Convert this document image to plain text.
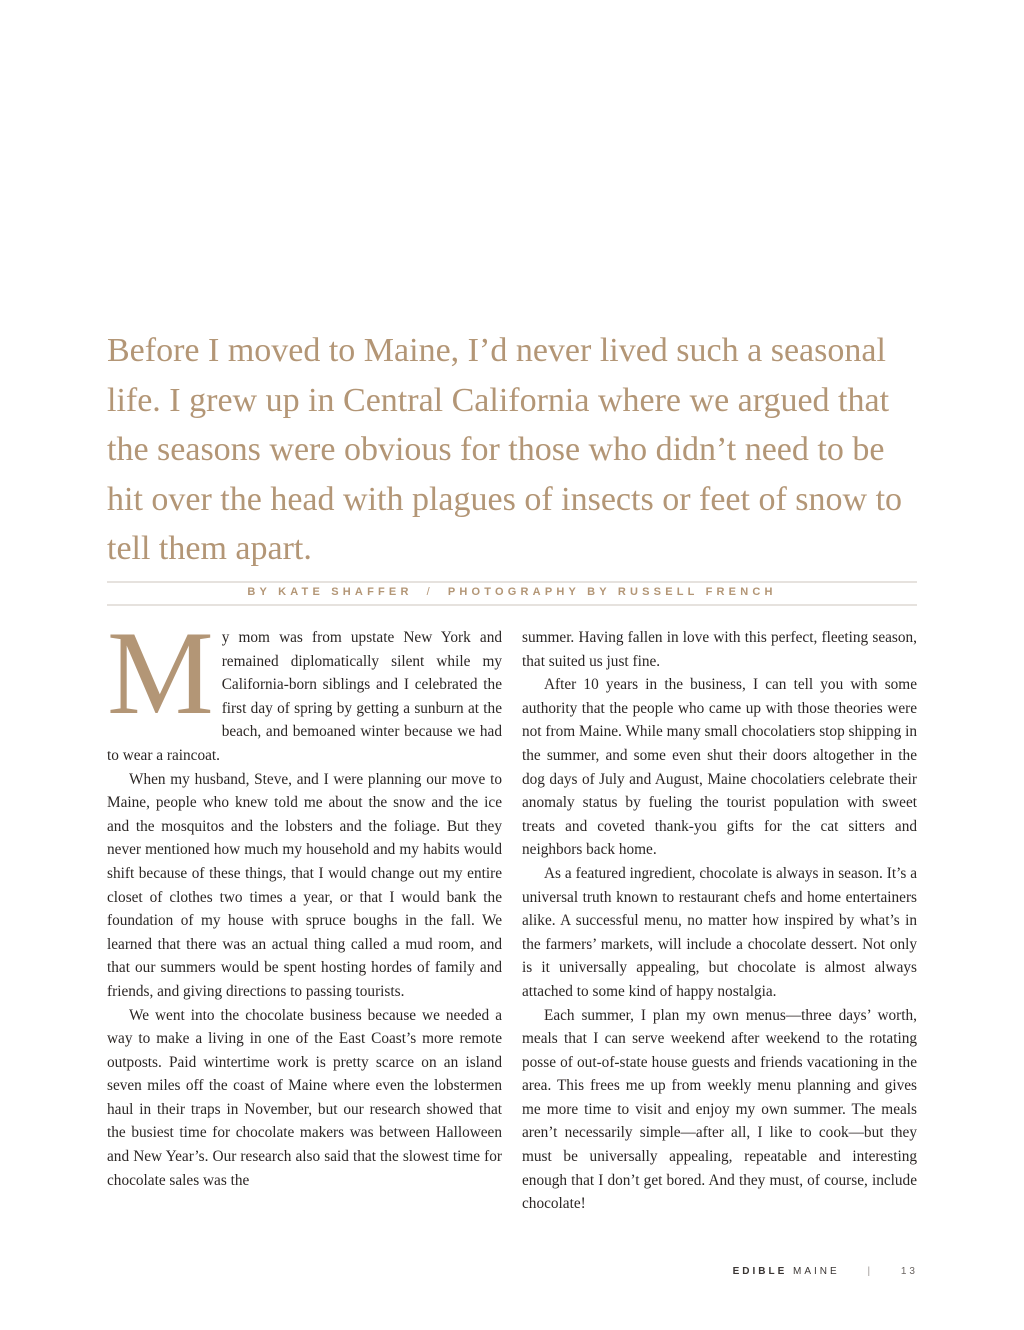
Before I moved to Maine, I’d never lived such a seasonal life. I grew up in Central California where we argued that the seasons were obvious for those who didn’t need to be hit over the head with plagues of insects or feet of snow to tell them apart.
BY KATE SHAFFER / PHOTOGRAPHY BY RUSSELL FRENCH

My mom was from upstate New York and remained diplomatically silent while my California-born siblings and I celebrated the first day of spring by getting a sunburn at the beach, and bemoaned winter because we had to wear a raincoat.

When my husband, Steve, and I were planning our move to Maine, people who knew told me about the snow and the ice and the mosquitos and the lobsters and the foliage. But they never mentioned how much my household and my habits would shift because of these things, that I would change out my entire closet of clothes two times a year, or that I would bank the foundation of my house with spruce boughs in the fall. We learned that there was an actual thing called a mud room, and that our summers would be spent hosting hordes of family and friends, and giving directions to passing tourists.

We went into the chocolate business because we needed a way to make a living in one of the East Coast’s more remote outposts. Paid wintertime work is pretty scarce on an island seven miles off the coast of Maine where even the lobstermen haul in their traps in November, but our research showed that the busiest time for chocolate makers was between Halloween and New Year’s. Our research also said that the slowest time for chocolate sales was the

summer. Having fallen in love with this perfect, fleeting season, that suited us just fine.

After 10 years in the business, I can tell you with some authority that the people who came up with those theories were not from Maine. While many small chocolatiers stop shipping in the summer, and some even shut their doors altogether in the dog days of July and August, Maine chocolatiers celebrate their anomaly status by fueling the tourist population with sweet treats and coveted thank-you gifts for the cat sitters and neighbors back home.

As a featured ingredient, chocolate is always in season. It’s a universal truth known to restaurant chefs and home entertainers alike. A successful menu, no matter how inspired by what’s in the farmers’ markets, will include a chocolate dessert. Not only is it universally appealing, but chocolate is almost always attached to some kind of happy nostalgia.

Each summer, I plan my own menus—three days’ worth, meals that I can serve weekend after weekend to the rotating posse of out-of-state house guests and friends vacationing in the area. This frees me up from weekly menu planning and gives me more time to visit and enjoy my own summer. The meals aren’t necessarily simple—after all, I like to cook—but they must be universally appealing, repeatable and interesting enough that I don’t get bored. And they must, of course, include chocolate!

EDIBLE MAINE	|	13
